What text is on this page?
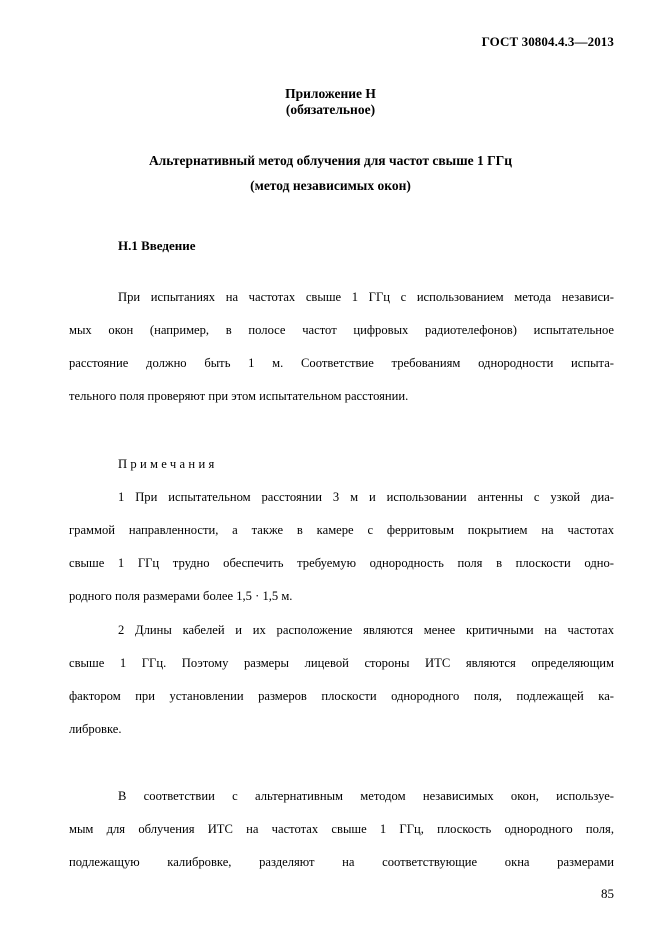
ГОСТ 30804.4.3—2013
Приложение Н
(обязательное)
Альтернативный метод облучения для частот свыше 1 ГГц
(метод независимых окон)
Н.1 Введение
При испытаниях на частотах свыше 1 ГГц с использованием метода независи-
мых окон (например, в полосе частот цифровых радиотелефонов) испытательное
расстояние должно быть 1 м. Соответствие требованиям однородности испыта-
тельного поля проверяют при этом испытательном расстоянии.
Примечания
1 При испытательном расстоянии 3 м и использовании антенны с узкой диа-
граммой направленности, а также в камере с ферритовым покрытием на частотах
свыше 1 ГГц трудно обеспечить требуемую однородность поля в плоскости одно-
родного поля размерами более 1,5 · 1,5 м.
2 Длины кабелей и их расположение являются менее критичными на частотах
свыше 1 ГГц. Поэтому размеры лицевой стороны ИТС являются определяющим
фактором при установлении размеров плоскости однородного поля, подлежащей ка-
либровке.
В соответствии с альтернативным методом независимых окон, используе-
мым для облучения ИТС на частотах свыше 1 ГГц, плоскость однородного поля,
подлежащую калибровке, разделяют на соответствующие окна размерами
85
